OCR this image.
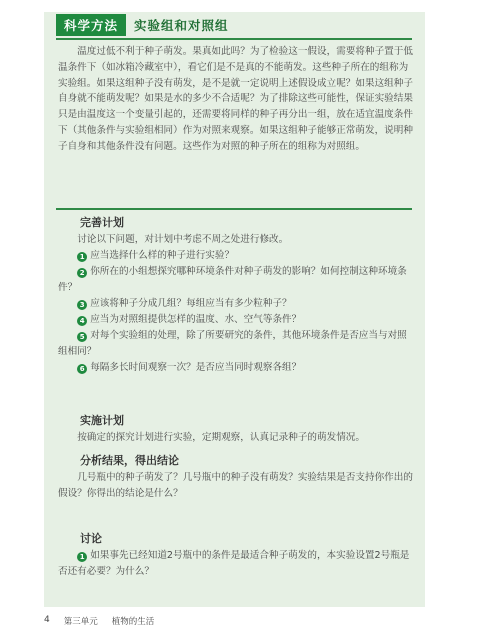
科学方法	实验组和对照组

温度过低不利于种子萌发。果真如此吗？为了检验这一假设，需要将种子置于低温条件下（如冰箱冷藏室中），看它们是不是真的不能萌发。这些种子所在的组称为实验组。如果这组种子没有萌发，是不是就一定说明上述假设成立呢？如果这组种子自身就不能萌发呢？如果是水的多少不合适呢？为了排除这些可能性，保证实验结果只是由温度这一个变量引起的，还需要将同样的种子再分出一组，放在适宜温度条件下（其他条件与实验组相同）作为对照来观察。如果这组种子能够正常萌发，说明种子自身和其他条件没有问题。这些作为对照的种子所在的组称为对照组。

完善计划

讨论以下问题，对计划中考虑不周之处进行修改。

1 应当选择什么样的种子进行实验？

2 你所在的小组想探究哪种环境条件对种子萌发的影响？如何控制这种环境条件？

3 应该将种子分成几组？每组应当有多少粒种子？

4 应当为对照组提供怎样的温度、水、空气等条件？

5 对每个实验组的处理，除了所要研究的条件，其他环境条件是否应当与对照组相同？

6 每隔多长时间观察一次？是否应当同时观察各组？

实施计划

按确定的探究计划进行实验，定期观察，认真记录种子的萌发情况。

分析结果，得出结论

几号瓶中的种子萌发了？几号瓶中的种子没有萌发？实验结果是否支持你作出的假设？你得出的结论是什么？

讨论

1 如果事先已经知道2号瓶中的条件是最适合种子萌发的，本实验设置2号瓶是否还有必要？为什么？

4 第三单元 植物的生活
